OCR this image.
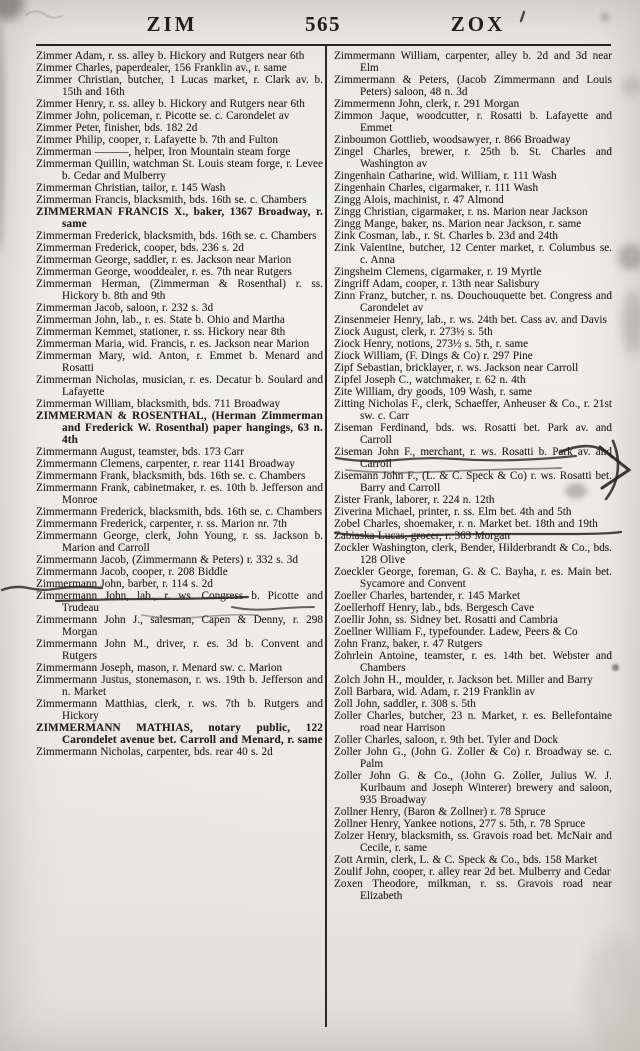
ZIM	565	ZOX

Zimmer Adam, r. ss. alley b. Hickory and Rutgers near 6th

Zimmer Charles, paperdealer, 156 Franklin av., r. same

Zimmer Christian, butcher, 1 Lucas market, r. Clark av. b. 15th and 16th

Zimmer Henry, r. ss. alley b. Hickory and Rutgers near 6th

Zimmer John, policeman, r. Picotte se. c. Carondelet av

Zimmer Peter, finisher, bds. 182 2d

Zimmer Philip, cooper, r. Lafayette b. 7th and Fulton

Zimmerman ———, helper, Iron Mountain steam forge

Zimmerman Quillin, watchman St. Louis steam forge, r. Levee b. Cedar and Mulberry

Zimmerman Christian, tailor, r. 145 Wash

Zimmerman Francis, blacksmith, bds. 16th se. c. Chambers

ZIMMERMAN FRANCIS X., baker, 1367 Broadway, r. same

Zimmerman Frederick, blacksmith, bds. 16th se. c. Chambers

Zimmerman Frederick, cooper, bds. 236 s. 2d

Zimmerman George, saddler, r. es. Jackson near Marion

Zimmerman George, wooddealer, r. es. 7th near Rutgers

Zimmerman Herman, (Zimmerman & Rosenthal) r. ss. Hickory b. 8th and 9th

Zimmerman Jacob, saloon, r. 232 s. 3d

Zimmerman John, lab., r. es. State b. Ohio and Martha

Zimmerman Kemmet, stationer, r. ss. Hickory near 8th

Zimmerman Maria, wid. Francis, r. es. Jackson near Marion

Zimmerman Mary, wid. Anton, r. Emmet b. Menard and Rosatti

Zimmerman Nicholas, musician, r. es. Decatur b. Soulard and Lafayette

Zimmerman William, blacksmith, bds. 711 Broadway

ZIMMERMAN & ROSENTHAL, (Herman Zimmerman and Frederick W. Rosenthal) paper hangings, 63 n. 4th

Zimmermann August, teamster, bds. 173 Carr

Zimmermann Clemens, carpenter, r. rear 1141 Broadway

Zimmermann Frank, blacksmith, bds. 16th se. c. Chambers

Zimmermann Frank, cabinetmaker, r. es. 10th b. Jefferson and Monroe

Zimmermann Frederick, blacksmith, bds. 16th se. c. Chambers

Zimmermann Frederick, carpenter, r. ss. Marion nr. 7th

Zimmermann George, clerk, John Young, r. ss. Jackson b. Marion and Carroll

Zimmermann Jacob, (Zimmermann & Peters) r. 332 s. 3d

Zimmermann Jacob, cooper, r. 208 Biddle

Zimmermann John, barber, r. 114 s. 2d

Zimmermann John, lab., r. ws. Congress b. Picotte and Trudeau

Zimmermann John J., salesman, Capen & Denny, r. 298 Morgan

Zimmermann John M., driver, r. es. 3d b. Convent and Rutgers

Zimmermann Joseph, mason, r. Menard sw. c. Marion

Zimmermann Justus, stonemason, r. ws. 19th b. Jefferson and n. Market

Zimmermann Matthias, clerk, r. ws. 7th b. Rutgers and Hickory

ZIMMERMANN MATHIAS, notary public, 122 Carondelet avenue bet. Carroll and Menard, r. same

Zimmermann Nicholas, carpenter, bds. rear 40 s. 2d

Zimmermann William, carpenter, alley b. 2d and 3d near Elm

Zimmermann & Peters, (Jacob Zimmermann and Louis Peters) saloon, 48 n. 3d

Zimmermenn John, clerk, r. 291 Morgan

Zimmon Jaque, woodcutter, r. Rosatti b. Lafayette and Emmet

Zinboumon Gottlieb, woodsawyer, r. 866 Broadway

Zingel Charles, brewer, r. 25th b. St. Charles and Washington av

Zingenhain Catharine, wid. William, r. 111 Wash

Zingenhain Charles, cigarmaker, r. 111 Wash

Zingg Alois, machinist, r. 47 Almond

Zingg Christian, cigarmaker, r. ns. Marion near Jackson

Zingg Mange, baker, ns. Marion near Jackson, r. same

Zink Cosman, lab., r. St. Charles b. 23d and 24th

Zink Valentine, butcher, 12 Center market, r. Columbus se. c. Anna

Zingsheim Clemens, cigarmaker, r. 19 Myrtle

Zingriff Adam, cooper, r. 13th near Salisbury

Zinn Franz, butcher, r. ns. Douchouquette bet. Congress and Carondelet av

Zinsenmeier Henry, lab., r. ws. 24th bet. Cass av. and Davis

Ziock August, clerk, r. 273½ s. 5th

Ziock Henry, notions, 273½ s. 5th, r. same

Ziock William, (F. Dings & Co) r. 297 Pine

Zipf Sebastian, bricklayer, r. ws. Jackson near Carroll

Zipfel Joseph C., watchmaker, r. 62 n. 4th

Zite William, dry goods, 109 Wash, r. same

Zitting Nicholas F., clerk, Schaeffer, Anheuser & Co., r. 21st sw. c. Carr

Ziseman Ferdinand, bds. ws. Rosatti bet. Park av. and Carroll

Ziseman John F., merchant, r. ws. Rosatti b. Park av. and Carroll

Zisemann John F., (L. & C. Speck & Co) r. ws. Rosatti bet. Barry and Carroll

Zister Frank, laborer, r. 224 n. 12th

Ziverina Michael, printer, r. ss. Elm bet. 4th and 5th

Zobel Charles, shoemaker, r. n. Market bet. 18th and 19th

Zabiaska Lucas, grocer, r. 363 Morgan

Zockler Washington, clerk, Bender, Hilderbrandt & Co., bds. 128 Olive

Zoeckler George, foreman, G. & C. Bayha, r. es. Main bet. Sycamore and Convent

Zoeller Charles, bartender, r. 145 Market

Zoellerhoff Henry, lab., bds. Bergesch Cave

Zoellir John, ss. Sidney bet. Rosatti and Cambria

Zoellner William F., typefounder. Ladew, Peers & Co

Zohn Franz, baker, r. 47 Rutgers

Zohrlein Antoine, teamster, r. es. 14th bet. Webster and Chambers

Zolch John H., moulder, r. Jackson bet. Miller and Barry

Zoll Barbara, wid. Adam, r. 219 Franklin av

Zoll John, saddler, r. 308 s. 5th

Zoller Charles, butcher, 23 n. Market, r. es. Bellefontaine road near Harrison

Zoller Charles, saloon, r. 9th bet. Tyler and Dock

Zoller John G., (John G. Zoller & Co) r. Broadway se. c. Palm

Zoller John G. & Co., (John G. Zoller, Julius W. J. Kurlbaum and Joseph Winterer) brewery and saloon, 935 Broadway

Zollner Henry, (Baron & Zollner) r. 78 Spruce

Zollner Henry, Yankee notions, 277 s. 5th, r. 78 Spruce

Zolzer Henry, blacksmith, ss. Gravois road bet. McNair and Cecile, r. same

Zott Armin, clerk, L. & C. Speck & Co., bds. 158 Market

Zoulif John, cooper, r. alley rear 2d bet. Mulberry and Cedar

Zoxen Theodore, milkman, r. ss. Gravois road near Elizabeth
